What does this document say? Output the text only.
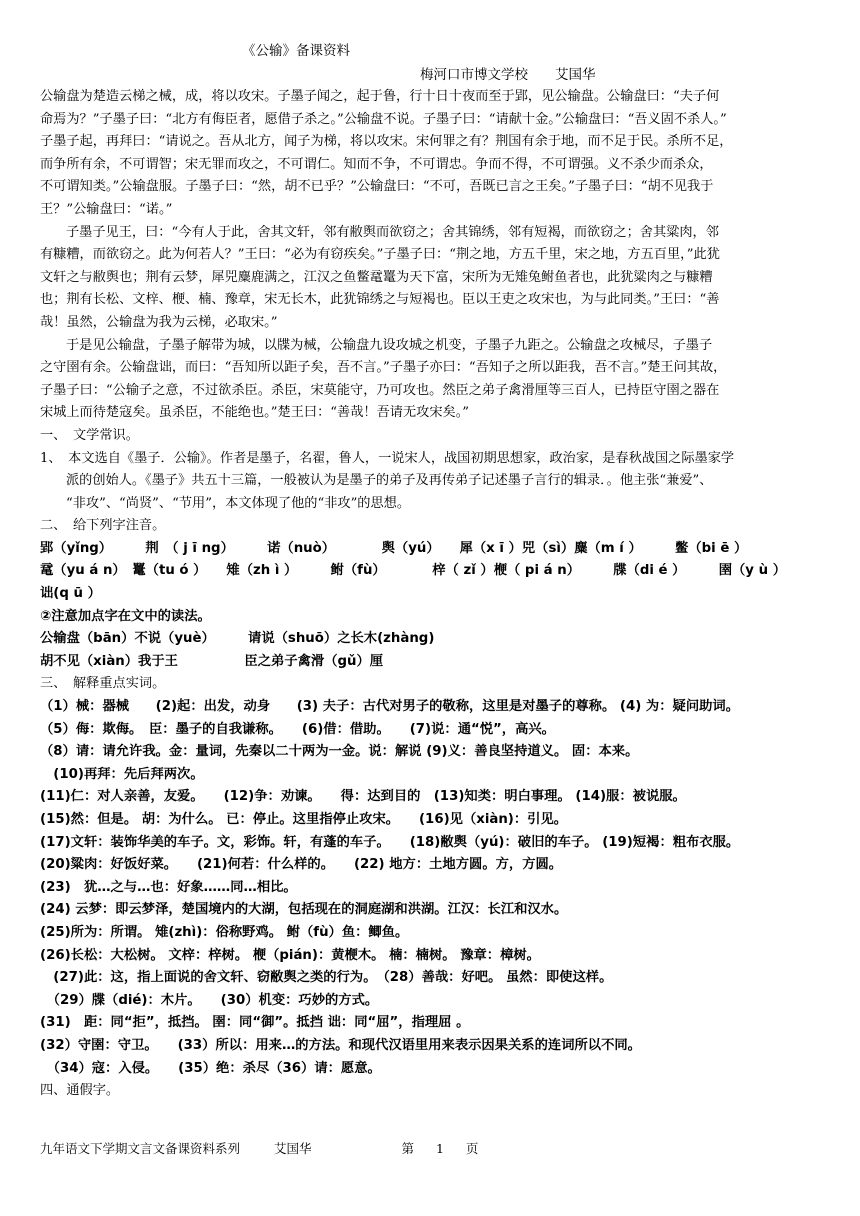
《公输》备课资料
梅河口市博文学校　　艾国华
公输盘为楚造云梯之械，成，将以攻宋。子墨子闻之，起于鲁，行十日十夜而至于郢，见公输盘。公输盘曰：“夫子何
命焉为？”子墨子曰：“北方有侮臣者，愿借子杀之。”公输盘不说。子墨子曰：“请献十金。”公输盘曰：“吾义固不杀人。”
子墨子起，再拜曰：“请说之。吾从北方，闻子为梯，将以攻宋。宋何罪之有？荆国有余于地，而不足于民。杀所不足，
而争所有余，不可谓智；宋无罪而攻之，不可谓仁。知而不争，不可谓忠。争而不得，不可谓强。义不杀少而杀众，
不可谓知类。”公输盘服。子墨子曰：“然，胡不已乎？”公输盘曰：“不可，吾既已言之王矣。”子墨子曰：“胡不见我于
王？”公输盘曰：“诺。”
子墨子见王，曰：“今有人于此，舍其文轩，邻有敝舆而欲窃之；舍其锦绣，邻有短褐，而欲窃之；舍其粱肉，邻
有糠糟，而欲窃之。此为何若人？”王曰：“必为有窃疾矣。”子墨子曰：“荆之地，方五千里，宋之地，方五百里，”此犹
文轩之与敝舆也；荆有云梦，犀兕麋鹿满之，江汉之鱼鳖鼋鼍为天下富，宋所为无雉兔鲋鱼者也，此犹粱肉之与糠糟
也；荆有长松、文梓、楩、楠、豫章，宋无长木，此犹锦绣之与短褐也。臣以王吏之攻宋也，为与此同类。”王曰：“善
哉！虽然，公输盘为我为云梯，必取宋。”
于是见公输盘，子墨子解带为城，以牒为械，公输盘九设攻城之机变，子墨子九距之。公输盘之攻械尽，子墨子
之守圉有余。公输盘诎，而曰：“吾知所以距子矣，吾不言。”子墨子亦曰：“吾知子之所以距我，吾不言。”楚王问其故，
子墨子曰：“公输子之意，不过欲杀臣。杀臣，宋莫能守，乃可攻也。然臣之弟子禽滑厘等三百人，已持臣守圉之器在
宋城上而待楚寇矣。虽杀臣，不能绝也。”楚王曰：“善哉！吾请无攻宋矣。”
一、　文学常识。
1、　本文选自《墨子．公输》。作者是墨子，名翟，鲁人，一说宋人，战国初期思想家，政治家，是春秋战国之际墨家学
派的创始人。《墨子》共五十三篇，一般被认为是墨子的弟子及再传弟子记述墨子言行的辑录．。他主张“兼爱”、
“非攻”、“尚贤”、“节用”，本文体现了他的“非攻”的思想。
二、　给下列字注音。
郢（yǐng）　　　荆　（ j ī ng）　　　诺（nuò）　　　　舆（yú）　　犀（x ī ）兕（sì）麋（m í ）　　　鳖（bi ē ）
鼋（yu á n）　鼍（tu ó ）　　雉（zh ì ）　　　鲋（fù）　　　　梓（ zǐ ）楩（ pi á n）　　　牒（di é ）　　　圉（y ù ）
诎(q ū ）
②注意加点字在文中的读法。
公输盘（bān）不说（yuè）　　　请说（shuō）之长木(zhàng)
胡不见（xiàn）我于王　　　　　臣之弟子禽滑（gǔ）厘
三、　解释重点实词。
（1）械：器械　　(2)起：出发，动身　　(3) 夫子：古代对男子的敬称，这里是对墨子的尊称。 (4) 为：疑问助词。
（5）侮：欺侮。　臣：墨子的自我谦称。　　(6)借：借助。　　(7)说：通“悦”，高兴。
（8）请：请允许我。金：量词，先秦以二十两为一金。说：解说 (9)义：善良坚持道义。 固：本来。
　(10)再拜：先后拜两次。
(11)仁：对人亲善，友爱。　　(12)争：劝谏。　　得：达到目的　(13)知类：明白事理。 (14)服：被说服。
(15)然：但是。 胡：为什么。 已：停止。这里指停止攻宋。　　(16)见（xiàn)：引见。
(17)文轩：装饰华美的车子。文，彩饰。轩，有蓬的车子。　　(18)敝舆（yú)：破旧的车子。 (19)短褐：粗布衣服。
(20)粱肉：好饭好菜。　　(21)何若：什么样的。　　(22) 地方：土地方圆。方，方圆。
(23)　犹…之与…也：好象……同…相比。
(24) 云梦：即云梦泽，楚国境内的大湖，包括现在的洞庭湖和洪湖。江汉：长江和汉水。
(25)所为：所谓。 雉(zhì)：俗称野鸡。 鲋（fù）鱼：鲫鱼。
(26)长松：大松树。 文梓：梓树。 楩（pián)：黄楩木。 楠：楠树。 豫章：樟树。
　(27)此：这，指上面说的舍文轩、窃敝舆之类的行为。　（28）善哉：好吧。 虽然：即使这样。
　（29）牒（dié)：木片。　　(30）机变：巧妙的方式。
(31)　距：同“拒”，抵挡。 圉：同“御”。抵挡 诎：同“屈”，指理屈 。
(32）守圉：守卫。　　(33）所以：用来…的方法。和现代汉语里用来表示因果关系的连词所以不同。
　（34）寇：入侵。　　(35）绝：杀尽（36）请：愿意。
四、通假字。
九年语文下学期文言文备课资料系列	艾国华	第 1 页
